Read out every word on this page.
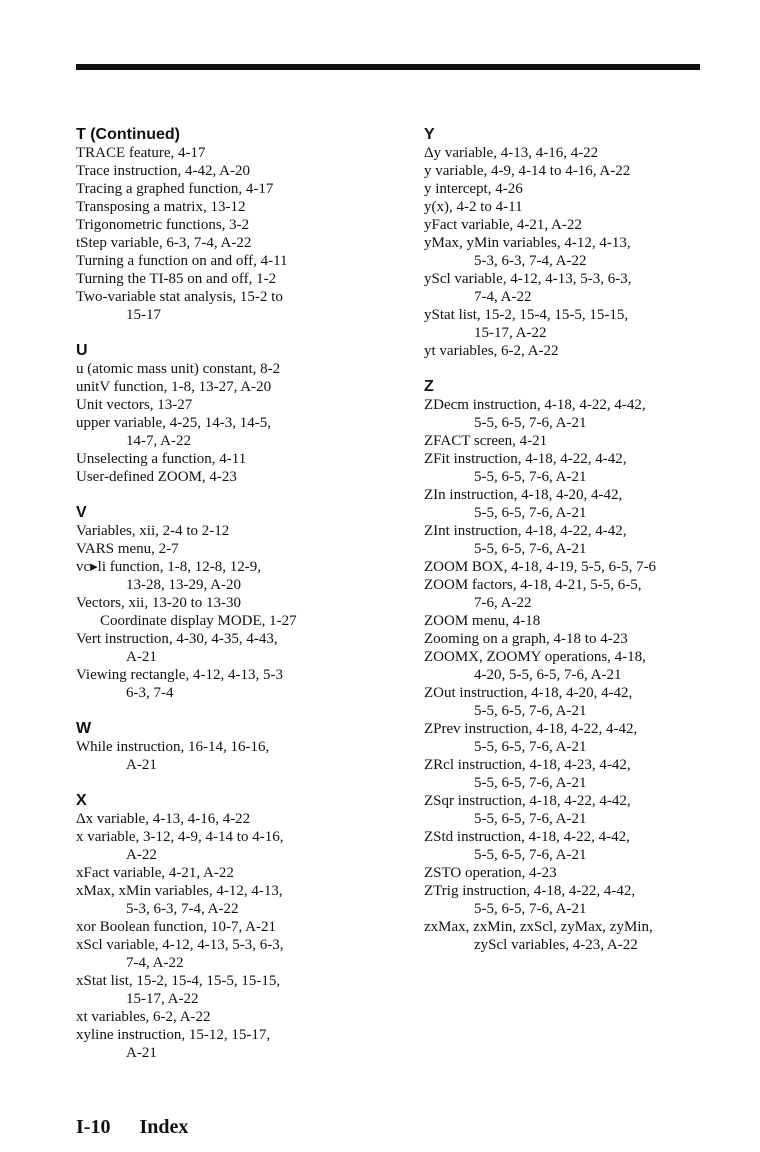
T (Continued)
TRACE feature, 4-17
Trace instruction, 4-42, A-20
Tracing a graphed function, 4-17
Transposing a matrix, 13-12
Trigonometric functions, 3-2
tStep variable, 6-3, 7-4, A-22
Turning a function on and off, 4-11
Turning the TI-85 on and off, 1-2
Two-variable stat analysis, 15-2 to
15-17
U
u (atomic mass unit) constant, 8-2
unitV function, 1-8, 13-27, A-20
Unit vectors, 13-27
upper variable, 4-25, 14-3, 14-5,
14-7, A-22
Unselecting a function, 4-11
User-defined ZOOM, 4-23
V
Variables, xii, 2-4 to 2-12
VARS menu, 2-7
vc▸li function, 1-8, 12-8, 12-9,
13-28, 13-29, A-20
Vectors, xii, 13-20 to 13-30
Coordinate display MODE, 1-27
Vert instruction, 4-30, 4-35, 4-43,
A-21
Viewing rectangle, 4-12, 4-13, 5-3
6-3, 7-4
W
While instruction, 16-14, 16-16,
A-21
X
Δx variable, 4-13, 4-16, 4-22
x variable, 3-12, 4-9, 4-14 to 4-16,
A-22
xFact variable, 4-21, A-22
xMax, xMin variables, 4-12, 4-13,
5-3, 6-3, 7-4, A-22
xor Boolean function, 10-7, A-21
xScl variable, 4-12, 4-13, 5-3, 6-3,
7-4, A-22
xStat list, 15-2, 15-4, 15-5, 15-15,
15-17, A-22
xt variables, 6-2, A-22
xyline instruction, 15-12, 15-17,
A-21
Y
Δy variable, 4-13, 4-16, 4-22
y variable, 4-9, 4-14 to 4-16, A-22
y intercept, 4-26
y(x), 4-2 to 4-11
yFact variable, 4-21, A-22
yMax, yMin variables, 4-12, 4-13,
5-3, 6-3, 7-4, A-22
yScl variable, 4-12, 4-13, 5-3, 6-3,
7-4, A-22
yStat list, 15-2, 15-4, 15-5, 15-15,
15-17, A-22
yt variables, 6-2, A-22
Z
ZDecm instruction, 4-18, 4-22, 4-42,
5-5, 6-5, 7-6, A-21
ZFACT screen, 4-21
ZFit instruction, 4-18, 4-22, 4-42,
5-5, 6-5, 7-6, A-21
ZIn instruction, 4-18, 4-20, 4-42,
5-5, 6-5, 7-6, A-21
ZInt instruction, 4-18, 4-22, 4-42,
5-5, 6-5, 7-6, A-21
ZOOM BOX, 4-18, 4-19, 5-5, 6-5, 7-6
ZOOM factors, 4-18, 4-21, 5-5, 6-5,
7-6, A-22
ZOOM menu, 4-18
Zooming on a graph, 4-18 to 4-23
ZOOMX, ZOOMY operations, 4-18,
4-20, 5-5, 6-5, 7-6, A-21
ZOut instruction, 4-18, 4-20, 4-42,
5-5, 6-5, 7-6, A-21
ZPrev instruction, 4-18, 4-22, 4-42,
5-5, 6-5, 7-6, A-21
ZRcl instruction, 4-18, 4-23, 4-42,
5-5, 6-5, 7-6, A-21
ZSqr instruction, 4-18, 4-22, 4-42,
5-5, 6-5, 7-6, A-21
ZStd instruction, 4-18, 4-22, 4-42,
5-5, 6-5, 7-6, A-21
ZSTO operation, 4-23
ZTrig instruction, 4-18, 4-22, 4-42,
5-5, 6-5, 7-6, A-21
zxMax, zxMin, zxScl, zyMax, zyMin,
zyScl variables, 4-23, A-22
I-10 Index
